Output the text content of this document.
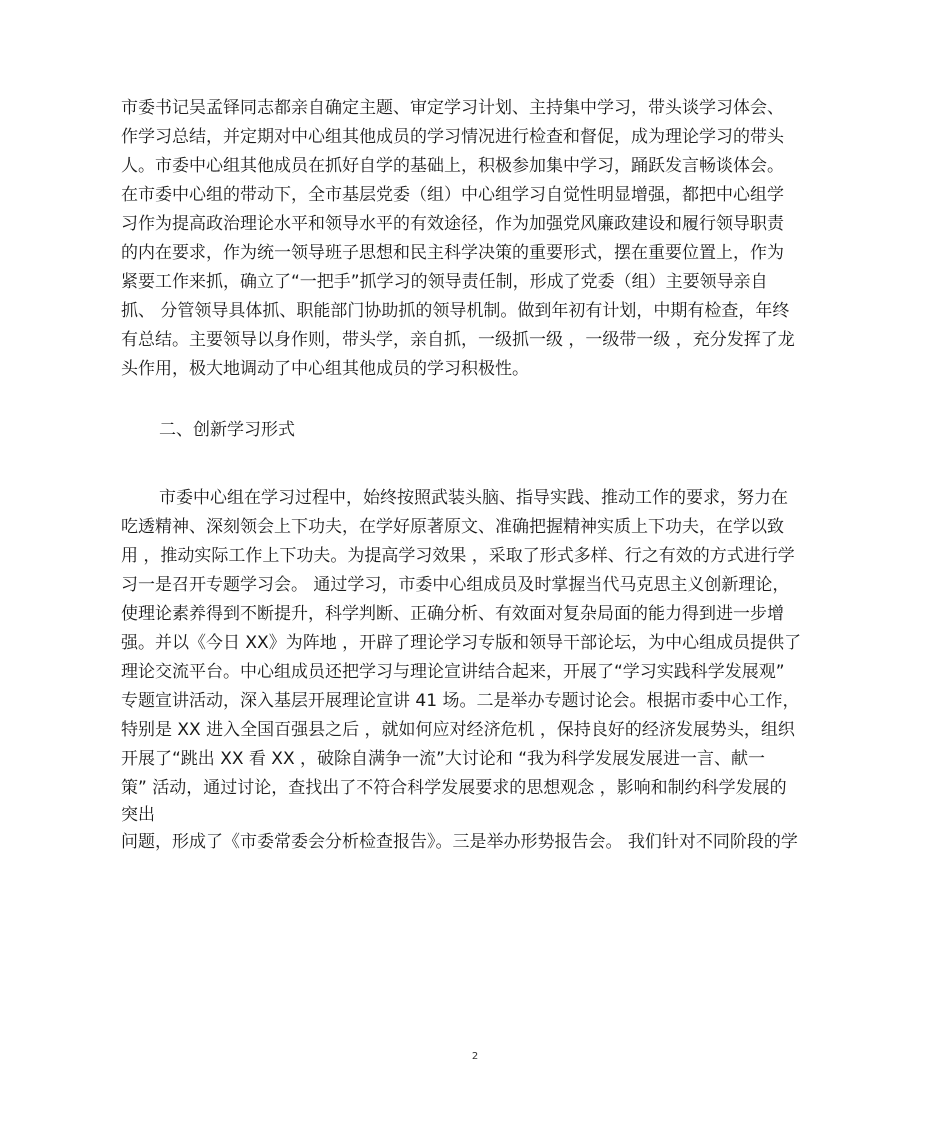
市委书记吴孟铎同志都亲自确定主题、审定学习计划、主持集中学习，带头谈学习体会、
作学习总结，并定期对中心组其他成员的学习情况进行检查和督促，成为理论学习的带头
人。市委中心组其他成员在抓好自学的基础上，积极参加集中学习，踊跃发言畅谈体会。
在市委中心组的带动下，全市基层党委（组）中心组学习自觉性明显增强，都把中心组学
习作为提高政治理论水平和领导水平的有效途径，作为加强党风廉政建设和履行领导职责
的内在要求，作为统一领导班子思想和民主科学决策的重要形式，摆在重要位置上，作为
紧要工作来抓，确立了“一把手”抓学习的领导责任制，形成了党委（组）主要领导亲自
抓、 分管领导具体抓、职能部门协助抓的领导机制。做到年初有计划，中期有检查，年终
有总结。主要领导以身作则，带头学，亲自抓，一级抓一级 ，一级带一级 ，充分发挥了龙
头作用，极大地调动了中心组其他成员的学习积极性。
二、创新学习形式
市委中心组在学习过程中，始终按照武装头脑、指导实践、推动工作的要求，努力在
吃透精神、深刻领会上下功夫，在学好原著原文、准确把握精神实质上下功夫，在学以致
用 ，推动实际工作上下功夫。为提高学习效果 ，采取了形式多样、行之有效的方式进行学
习一是召开专题学习会。 通过学习，市委中心组成员及时掌握当代马克思主义创新理论，
使理论素养得到不断提升，科学判断、正确分析、有效面对复杂局面的能力得到进一步增
强。并以《今日 XX》为阵地 ，开辟了理论学习专版和领导干部论坛，为中心组成员提供了
理论交流平台。中心组成员还把学习与理论宣讲结合起来，开展了“学习实践科学发展观”
专题宣讲活动，深入基层开展理论宣讲 41 场。二是举办专题讨论会。根据市委中心工作，
特别是 XX 进入全国百强县之后 ，就如何应对经济危机 ，保持良好的经济发展势头，组织
开展了“跳出 XX 看 XX ，破除自满争一流”大讨论和 “我为科学发展发展进一言、献一
策” 活动，通过讨论，查找出了不符合科学发展要求的思想观念 ，影响和制约科学发展的
突出
问题，形成了《市委常委会分析检查报告》。三是举办形势报告会。 我们针对不同阶段的学
2
